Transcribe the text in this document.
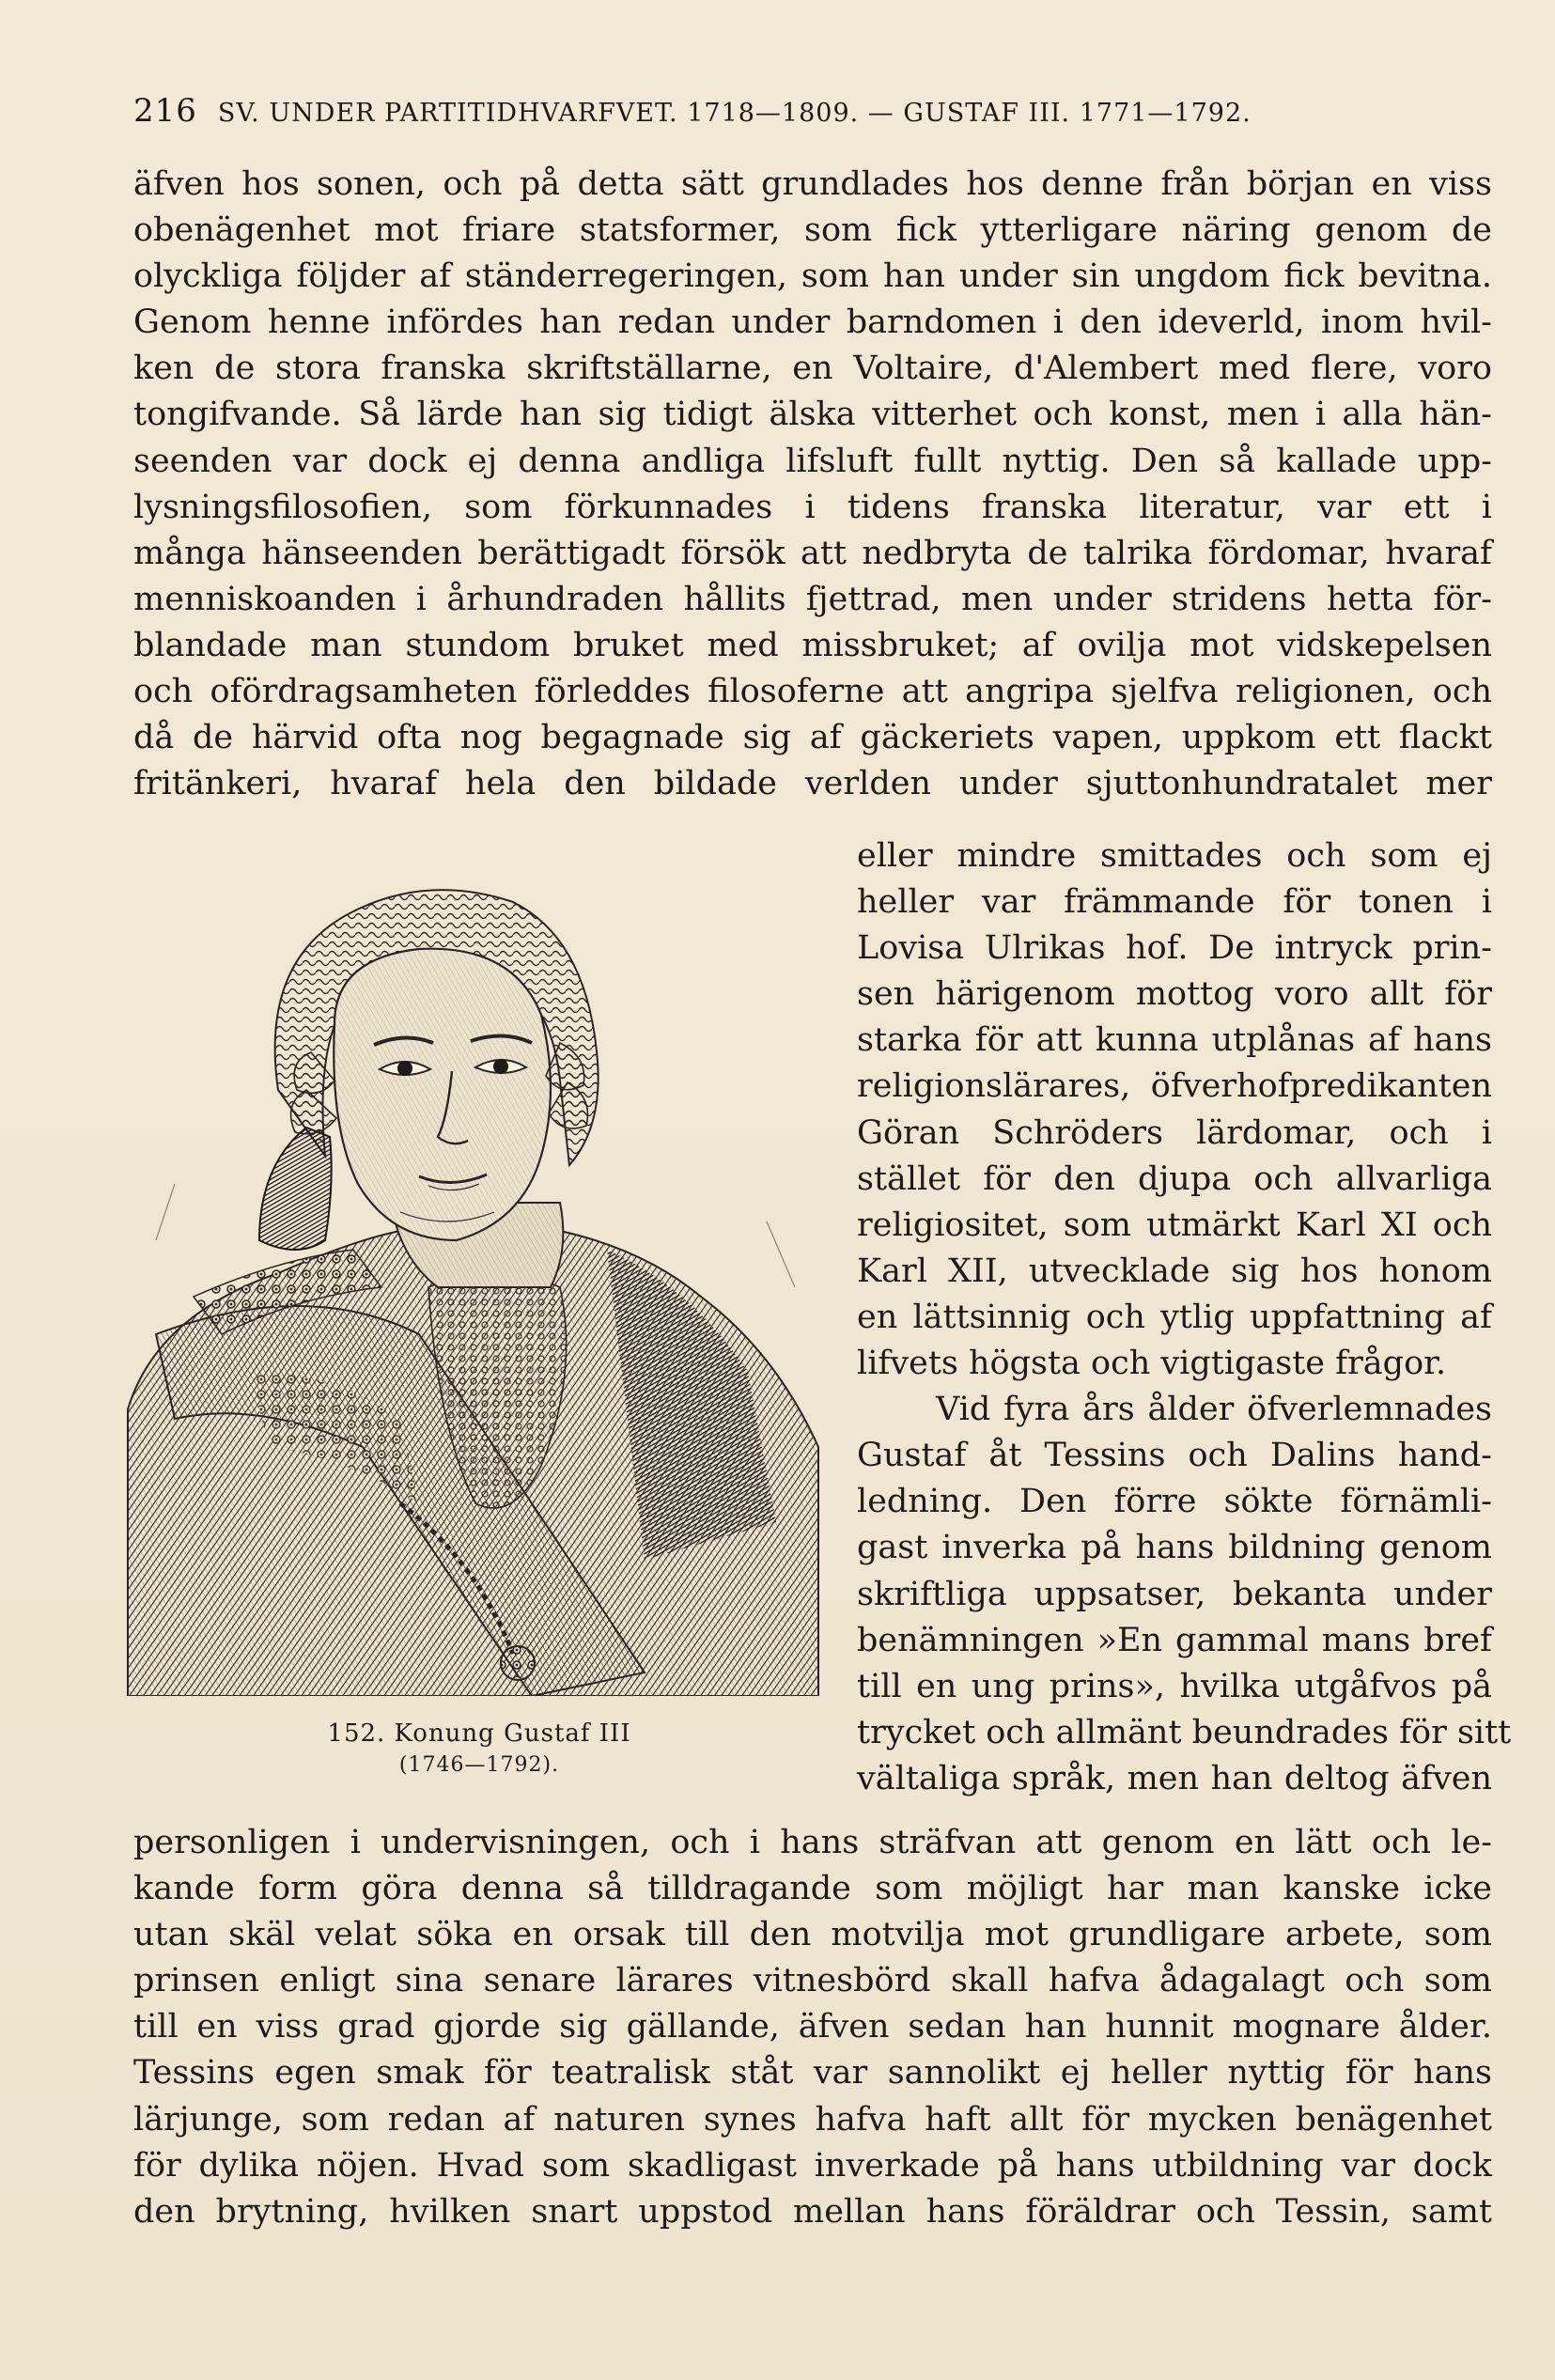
216 SV. UNDER PARTITIDHVARFVET. 1718—1809. — GUSTAF III. 1771—1792.
äfven hos sonen, och på detta sätt grundlades hos denne från början en viss
obenägenhet mot friare statsformer, som fick ytterligare näring genom de
olyckliga följder af ständerregeringen, som han under sin ungdom fick bevitna.
Genom henne infördes han redan under barndomen i den ideverld, inom hvil-
ken de stora franska skriftställarne, en Voltaire, d'Alembert med flere, voro
tongifvande. Så lärde han sig tidigt älska vitterhet och konst, men i alla hän-
seenden var dock ej denna andliga lifsluft fullt nyttig. Den så kallade upp-
lysningsfilosofien, som förkunnades i tidens franska literatur, var ett i
många hänseenden berättigadt försök att nedbryta de talrika fördomar, hvaraf
menniskoanden i århundraden hållits fjettrad, men under stridens hetta för-
blandade man stundom bruket med missbruket; af ovilja mot vidskepelsen
och ofördragsamheten förleddes filosoferne att angripa sjelfva religionen, och
då de härvid ofta nog begagnade sig af gäckeriets vapen, uppkom ett flackt
fritänkeri, hvaraf hela den bildade verlden under sjuttonhundratalet mer
152. Konung Gustaf III
(1746—1792).
eller mindre smittades och som ej
heller var främmande för tonen i
Lovisa Ulrikas hof. De intryck prin-
sen härigenom mottog voro allt för
starka för att kunna utplånas af hans
religionslärares, öfverhofpredikanten
Göran Schröders lärdomar, och i
stället för den djupa och allvarliga
religiositet, som utmärkt Karl XI och
Karl XII, utvecklade sig hos honom
en lättsinnig och ytlig uppfattning af
lifvets högsta och vigtigaste frågor.
Vid fyra års ålder öfverlemnades
Gustaf åt Tessins och Dalins hand-
ledning. Den förre sökte förnämli-
gast inverka på hans bildning genom
skriftliga uppsatser, bekanta under
benämningen »En gammal mans bref
till en ung prins», hvilka utgåfvos på
trycket och allmänt beundrades för sitt
vältaliga språk, men han deltog äfven
personligen i undervisningen, och i hans sträfvan att genom en lätt och le-
kande form göra denna så tilldragande som möjligt har man kanske icke
utan skäl velat söka en orsak till den motvilja mot grundligare arbete, som
prinsen enligt sina senare lärares vitnesbörd skall hafva ådagalagt och som
till en viss grad gjorde sig gällande, äfven sedan han hunnit mognare ålder.
Tessins egen smak för teatralisk ståt var sannolikt ej heller nyttig för hans
lärjunge, som redan af naturen synes hafva haft allt för mycken benägenhet
för dylika nöjen. Hvad som skadligast inverkade på hans utbildning var dock
den brytning, hvilken snart uppstod mellan hans föräldrar och Tessin, samt
